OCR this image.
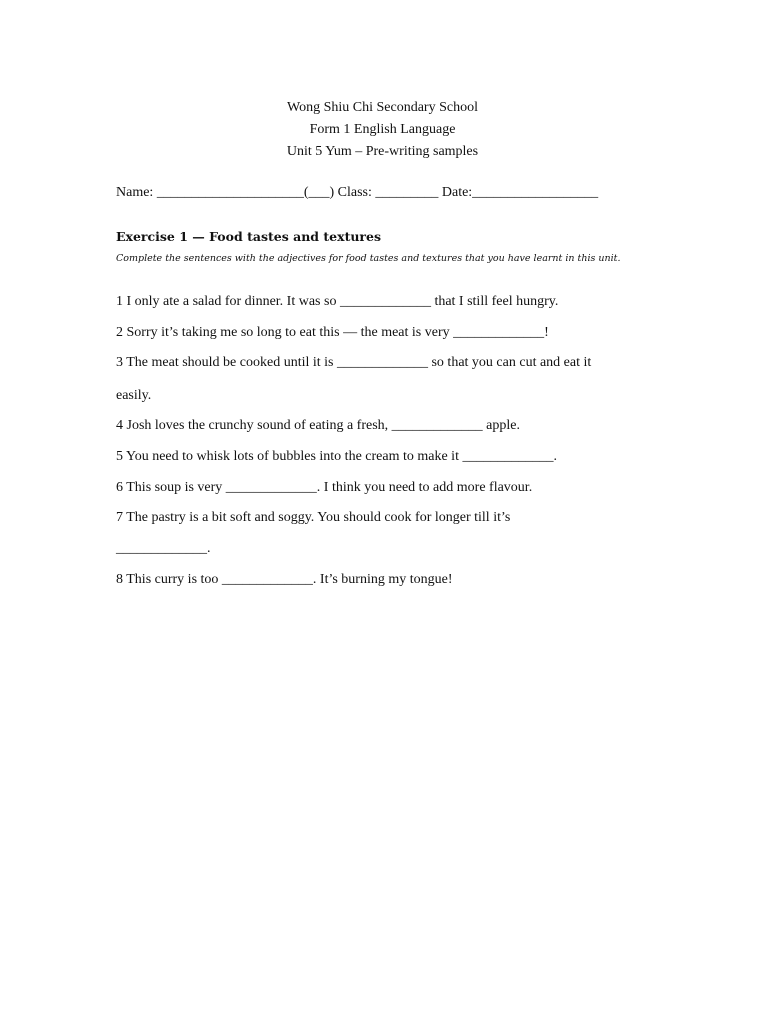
Wong Shiu Chi Secondary School
Form 1 English Language
Unit 5 Yum – Pre-writing samples
Name: _____________________(___) Class: _________ Date:__________________
Exercise 1 — Food tastes and textures
Complete the sentences with the adjectives for food tastes and textures that you have learnt in this unit.
1 I only ate a salad for dinner. It was so _____________ that I still feel hungry.
2 Sorry it’s taking me so long to eat this — the meat is very _____________!
3 The meat should be cooked until it is _____________ so that you can cut and eat it
easily.
4 Josh loves the crunchy sound of eating a fresh, _____________ apple.
5 You need to whisk lots of bubbles into the cream to make it _____________.
6 This soup is very _____________. I think you need to add more flavour.
7 The pastry is a bit soft and soggy. You should cook for longer till it’s
_____________.
8 This curry is too _____________. It’s burning my tongue!
